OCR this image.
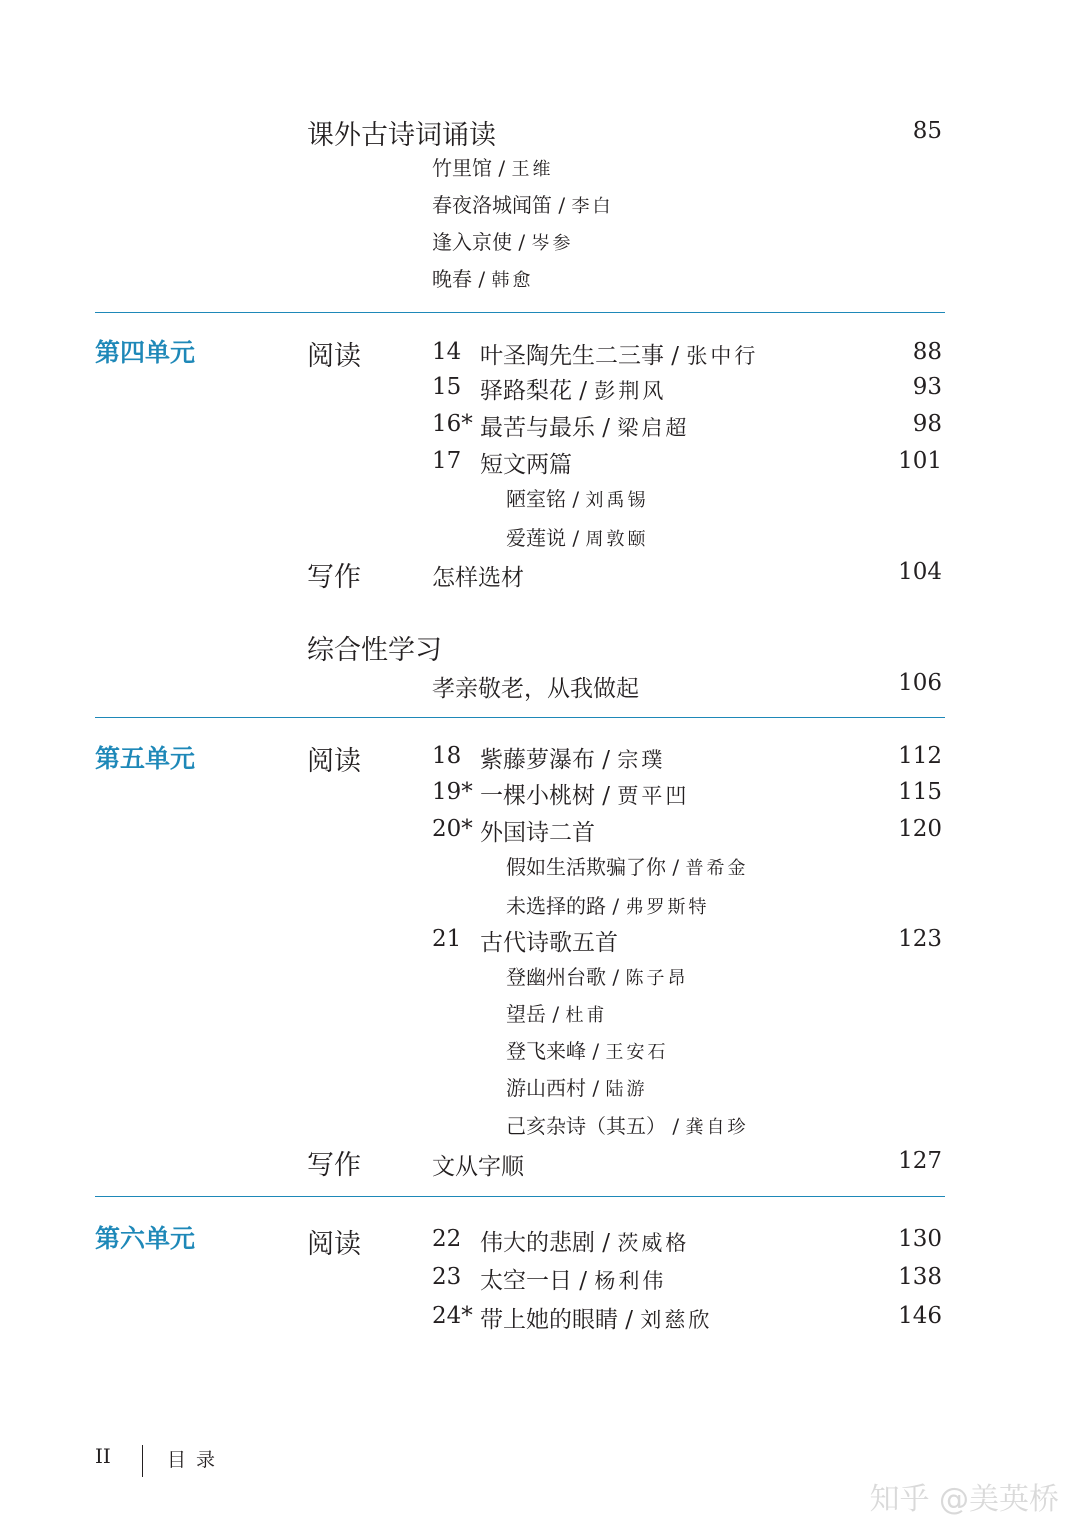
课外古诗词诵读	85
竹里馆 / 王维
春夜洛城闻笛 / 李白
逢入京使 / 岑参
晚春 / 韩愈
第四单元	阅读	14 叶圣陶先生二三事 / 张中行	88
15 驿路梨花 / 彭荆风	93
16* 最苦与最乐 / 梁启超	98
17 短文两篇	101
陋室铭 / 刘禹锡
爱莲说 / 周敦颐
写作	怎样选材	104
综合性学习
孝亲敬老，从我做起	106
第五单元	阅读	18 紫藤萝瀑布 / 宗璞	112
19* 一棵小桃树 / 贾平凹	115
20* 外国诗二首	120
假如生活欺骗了你 / 普希金
未选择的路 / 弗罗斯特
21 古代诗歌五首	123
登幽州台歌 / 陈子昂
望岳 / 杜甫
登飞来峰 / 王安石
游山西村 / 陆游
己亥杂诗（其五） / 龚自珍
写作	文从字顺	127
第六单元	阅读	22 伟大的悲剧 / 茨威格	130
23 太空一日 / 杨利伟	138
24* 带上她的眼睛 / 刘慈欣	146
II	目录
知乎 @美英桥
